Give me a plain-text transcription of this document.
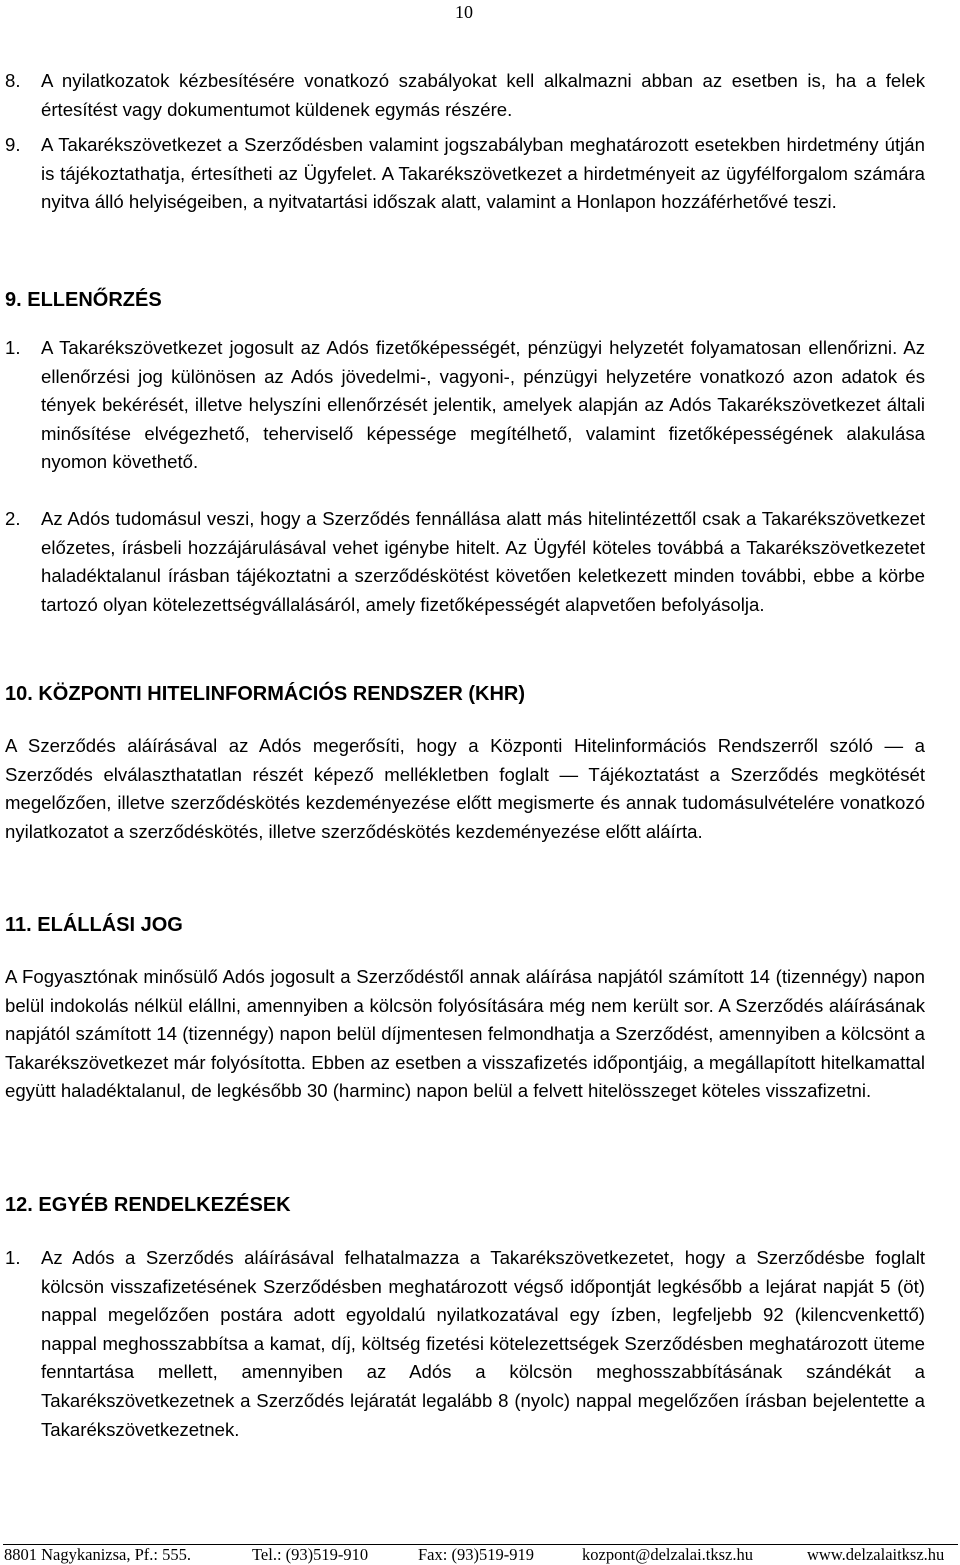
10
8. A nyilatkozatok kézbesítésére vonatkozó szabályokat kell alkalmazni abban az esetben is, ha a felek értesítést vagy dokumentumot küldenek egymás részére.
9. A Takarékszövetkezet a Szerződésben valamint jogszabályban meghatározott esetekben hirdetmény útján is tájékoztathatja, értesítheti az Ügyfelet. A Takarékszövetkezet a hirdetményeit az ügyfélforgalom számára nyitva álló helyiségeiben, a nyitvatartási időszak alatt, valamint a Honlapon hozzáférhetővé teszi.
9. ELLENŐRZÉS
1. A Takarékszövetkezet jogosult az Adós fizetőképességét, pénzügyi helyzetét folyamatosan ellenőrizni. Az ellenőrzési jog különösen az Adós jövedelmi-, vagyoni-, pénzügyi helyzetére vonatkozó azon adatok és tények bekérését, illetve helyszíni ellenőrzését jelentik, amelyek alapján az Adós Takarékszövetkezet általi minősítése elvégezhető, teherviselő képessége megítélhető, valamint fizetőképességének alakulása nyomon követhető.
2. Az Adós tudomásul veszi, hogy a Szerződés fennállása alatt más hitelintézettől csak a Takarékszövetkezet előzetes, írásbeli hozzájárulásával vehet igénybe hitelt. Az Ügyfél köteles továbbá a Takarékszövetkezetet haladéktalanul írásban tájékoztatni a szerződéskötést követően keletkezett minden további, ebbe a körbe tartozó olyan kötelezettségvállalásáról, amely fizetőképességét alapvetően befolyásolja.
10. KÖZPONTI HITELINFORMÁCIÓS RENDSZER (KHR)
A Szerződés aláírásával az Adós megerősíti, hogy a Központi Hitelinformációs Rendszerről szóló — a Szerződés elválaszthatatlan részét képező mellékletben foglalt — Tájékoztatást a Szerződés megkötését megelőzően, illetve szerződéskötés kezdeményezése előtt megismerte és annak tudomásulvételére vonatkozó nyilatkozatot a szerződéskötés, illetve szerződéskötés kezdeményezése előtt aláírta.
11. ELÁLLÁSI JOG
A Fogyasztónak minősülő Adós jogosult a Szerződéstől annak aláírása napjától számított 14 (tizennégy) napon belül indokolás nélkül elállni, amennyiben a kölcsön folyósítására még nem került sor. A Szerződés aláírásának napjától számított 14 (tizennégy) napon belül díjmentesen felmondhatja a Szerződést, amennyiben a kölcsönt a Takarékszövetkezet már folyósította. Ebben az esetben a visszafizetés időpontjáig, a megállapított hitelkamattal együtt haladéktalanul, de legkésőbb 30 (harminc) napon belül a felvett hitelösszeget köteles visszafizetni.
12. EGYÉB RENDELKEZÉSEK
1. Az Adós a Szerződés aláírásával felhatalmazza a Takarékszövetkezetet, hogy a Szerződésbe foglalt kölcsön visszafizetésének Szerződésben meghatározott végső időpontját legkésőbb a lejárat napját 5 (öt) nappal megelőzően postára adott egyoldalú nyilatkozatával egy ízben, legfeljebb 92 (kilencvenkettő) nappal meghosszabbítsa a kamat, díj, költség fizetési kötelezettségek Szerződésben meghatározott üteme fenntartása mellett, amennyiben az Adós a kölcsön meghosszabbításának szándékát a Takarékszövetkezetnek a Szerződés lejáratát legalább 8 (nyolc) nappal megelőzően írásban bejelentette a Takarékszövetkezetnek.
8801 Nagykanizsa, Pf.: 555.	Tel.: (93)519-910	Fax: (93)519-919	kozpont@delzalai.tksz.hu	www.delzalaitksz.hu
